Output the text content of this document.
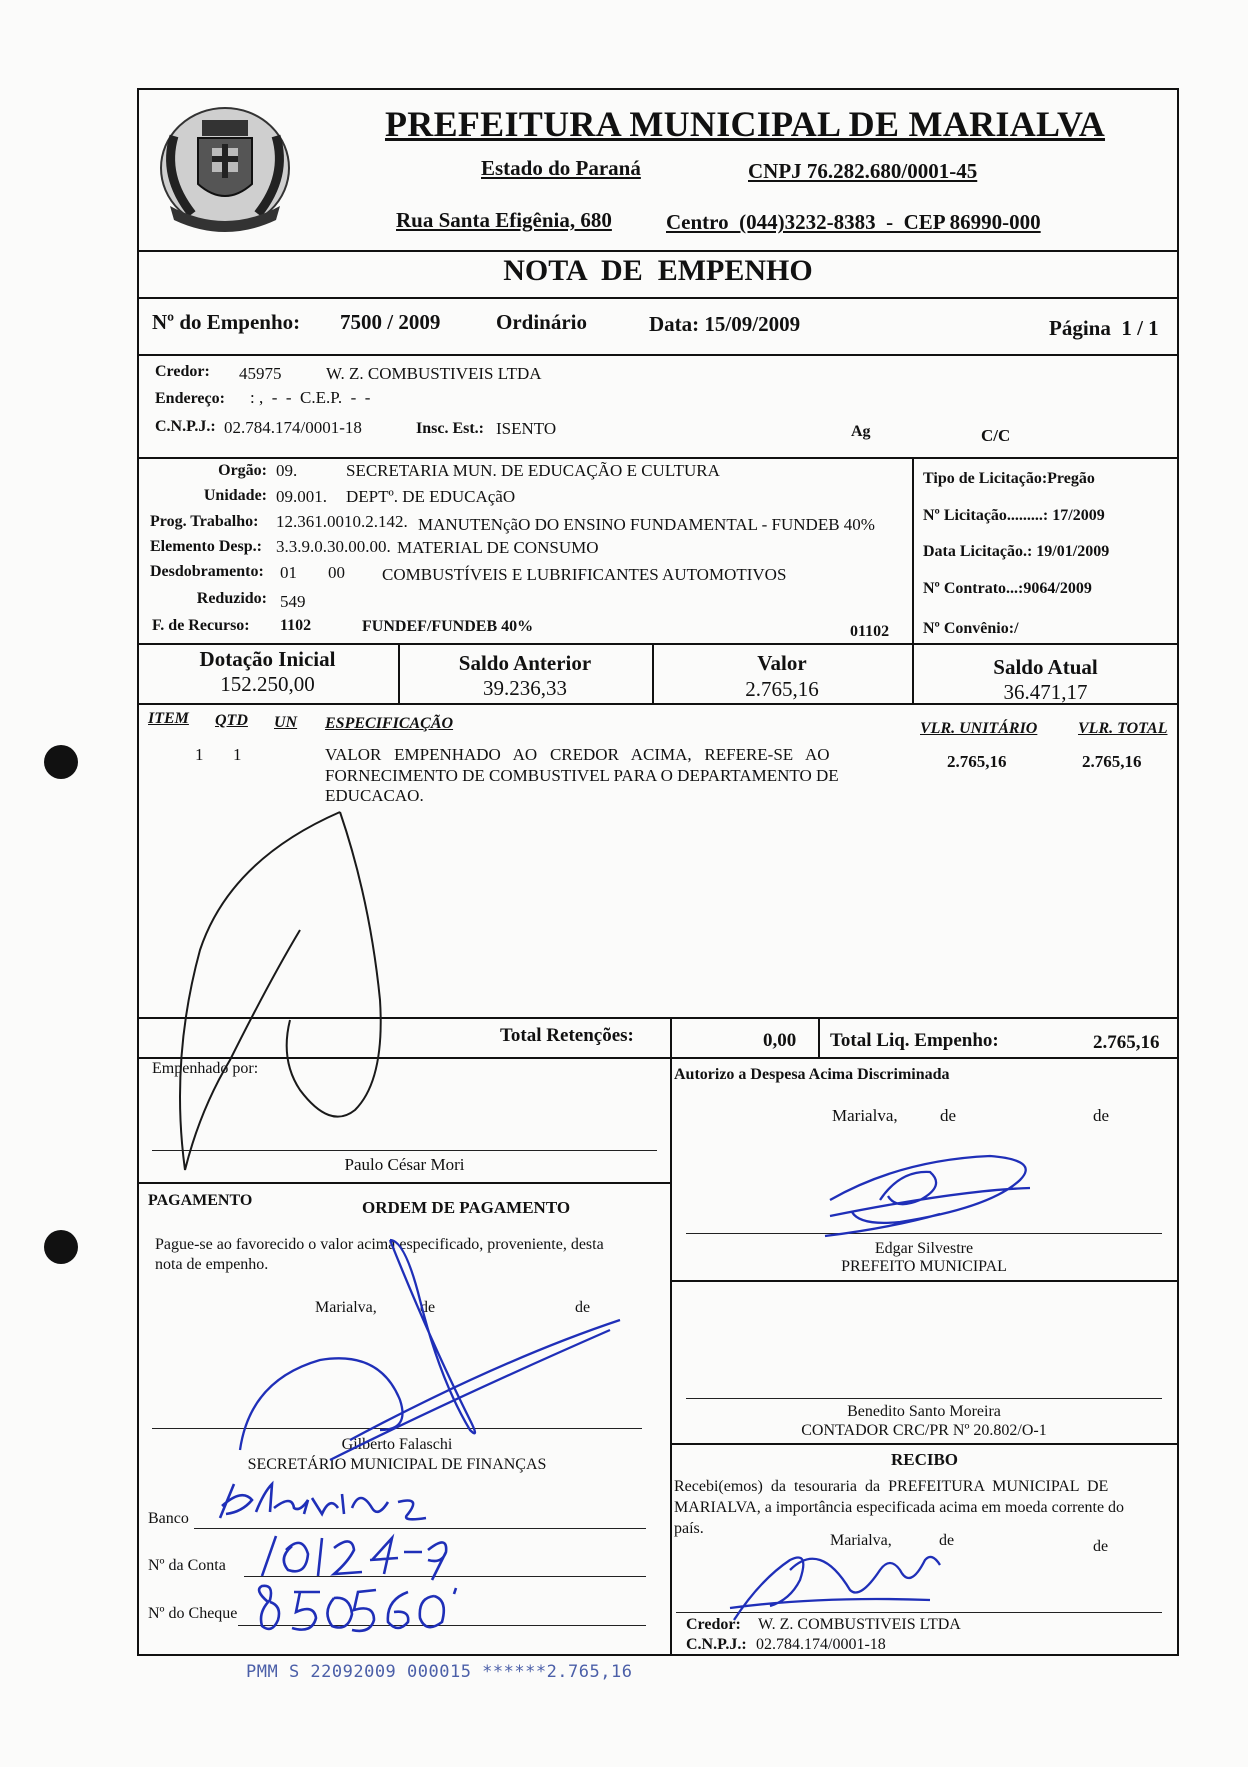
PREFEITURA MUNICIPAL DE MARIALVA
Estado do Paraná	CNPJ 76.282.680/0001-45
Rua Santa Efigênia, 680	Centro  (044)3232-8383  -  CEP 86990-000
NOTA  DE  EMPENHO
Nº do Empenho: 7500 / 2009	Ordinário	Data: 15/09/2009	Página  1 / 1
Credor: 45975	W. Z. COMBUSTIVEIS LTDA
Endereço: : ,  -  -  C.E.P.  -  -
C.N.P.J.: 02.784.174/0001-18	Insc. Est.: ISENTO	Ag	C/C
Orgão: 09.	SECRETARIA MUN. DE EDUCAÇÃO E CULTURA
Unidade: 09.001. DEPTº. DE EDUCAçãO
Prog. Trabalho: 12.361.0010.2.142. MANUTENçãO DO ENSINO FUNDAMENTAL - FUNDEB 40%
Elemento Desp.: 3.3.9.0.30.00.00. MATERIAL DE CONSUMO
Desdobramento: 01 00 COMBUSTÍVEIS E LUBRIFICANTES AUTOMOTIVOS
Reduzido: 549
F. de Recurso: 1102	FUNDEF/FUNDEB 40%	01102
Tipo de Licitação:Pregão
Nº Licitação.........: 17/2009
Data Licitação.: 19/01/2009
Nº Contrato...:9064/2009
Nº Convênio:/
Dotação Inicial
152.250,00
Saldo Anterior
39.236,33
Valor
2.765,16
Saldo Atual
36.471,17
ITEM QTD UN ESPECIFICAÇÃO	VLR. UNITÁRIO	VLR. TOTAL
1 1	VALOR   EMPENHADO   AO   CREDOR   ACIMA,   REFERE-SE   AO
FORNECIMENTO DE COMBUSTIVEL PARA O DEPARTAMENTO DE
EDUCACAO.
2.765,16	2.765,16
Total Retenções:	0,00 Total Liq. Empenho:	2.765,16
Empenhado por:
Paulo César Mori
PAGAMENTO	ORDEM DE PAGAMENTO
Pague-se ao favorecido o valor acima especificado, proveniente, desta
nota de empenho.
Marialva,	de	de
Gilberto Falaschi
SECRETÁRIO MUNICIPAL DE FINANÇAS
Banco
Nº da Conta
Nº do Cheque
Autorizo a Despesa Acima Discriminada
Marialva, de	de
Edgar Silvestre
PREFEITO MUNICIPAL
Benedito Santo Moreira
CONTADOR CRC/PR Nº 20.802/O-1
RECIBO
Recebi(emos)  da  tesouraria  da  PREFEITURA  MUNICIPAL  DE
MARIALVA, a importância especificada acima em moeda corrente do
país.
Marialva,	de	de
Credor: W. Z. COMBUSTIVEIS LTDA
C.N.P.J.: 02.784.174/0001-18
PMM S 22092009 000015 ******2.765,16
